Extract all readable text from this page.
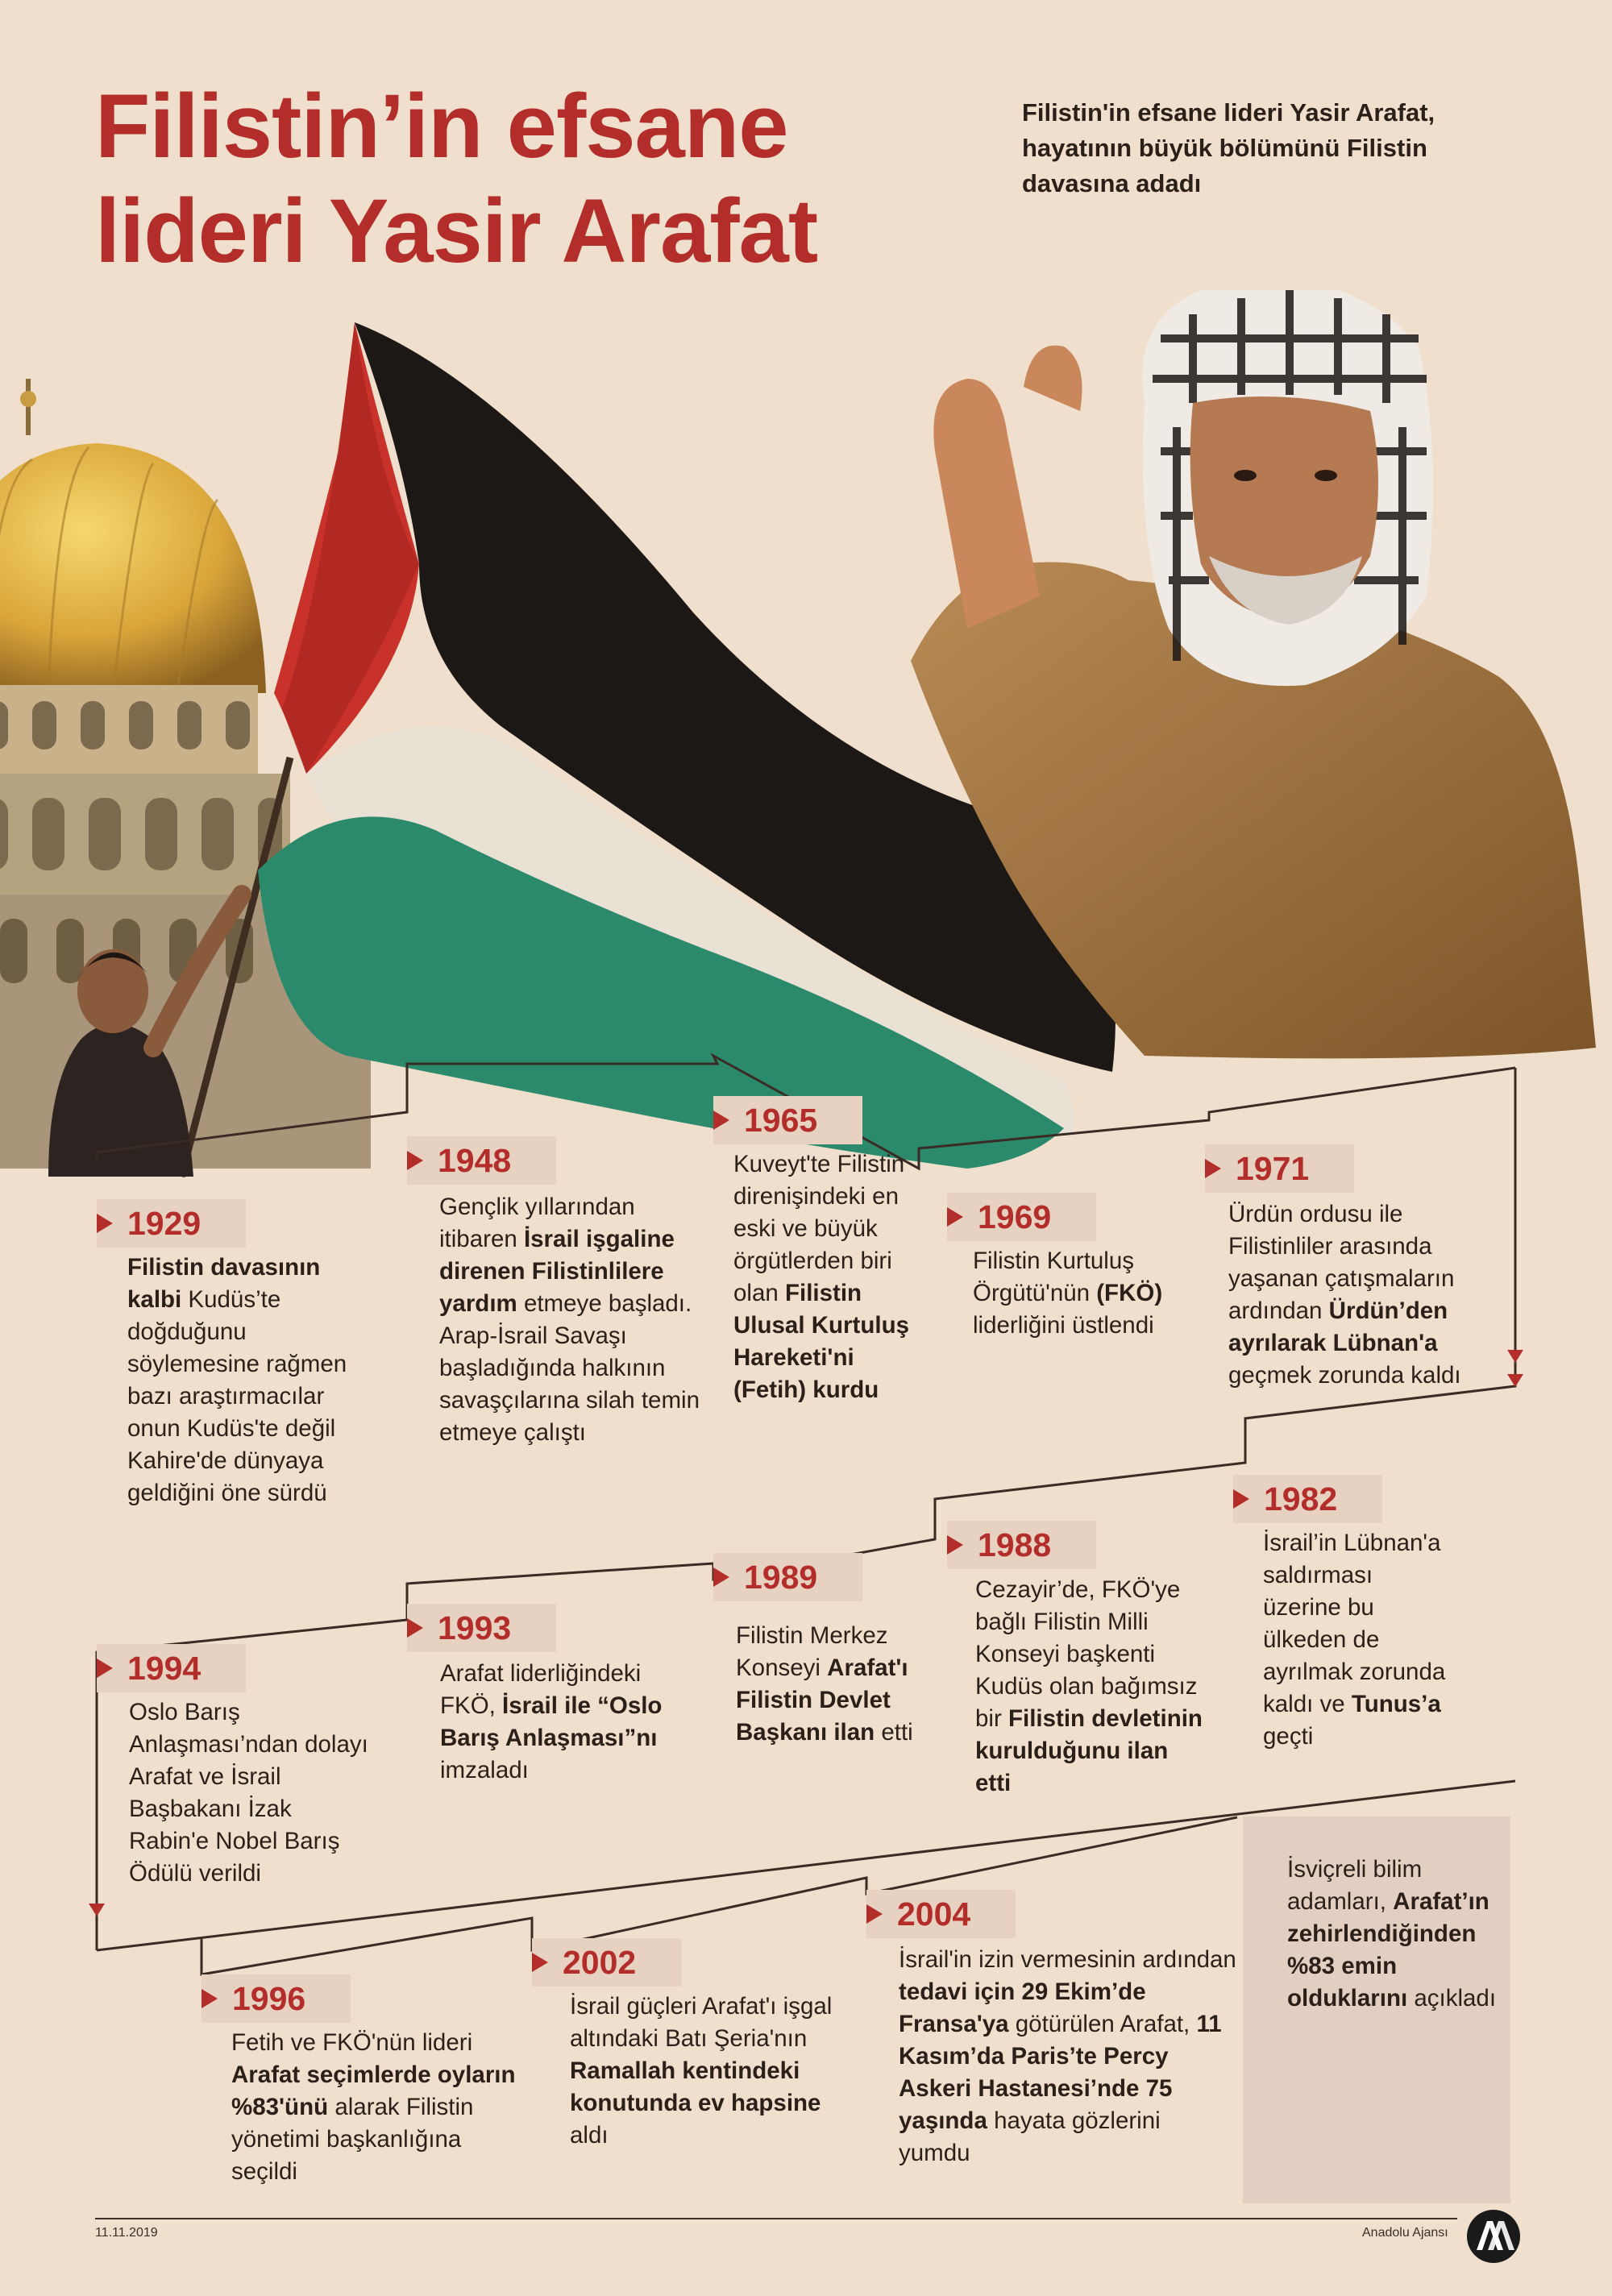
Filistin’in efsane
lideri Yasir Arafat
Filistin'in efsane lideri Yasir Arafat, hayatının büyük bölümünü Filistin davasına adadı
1929
1948
1965
1969
1971
1982
1988
1989
1993
1994
1996
2002
2004
Filistin davasının kalbi Kudüs’te doğduğunu söylemesine rağmen bazı araştırmacılar onun Kudüs'te değil Kahire'de dünyaya geldiğini öne sürdü
Gençlik yıllarından itibaren İsrail işgaline direnen Filistinlilere yardım etmeye başladı. Arap-İsrail Savaşı başladığında halkının savaşçılarına silah temin etmeye çalıştı
Kuveyt'te Filistin direnişindeki en eski ve büyük örgütlerden biri olan Filistin Ulusal Kurtuluş Hareketi'ni (Fetih) kurdu
Filistin Kurtuluş Örgütü'nün (FKÖ) liderliğini üstlendi
Ürdün ordusu ile Filistinliler arasında yaşanan çatışmaların ardından Ürdün’den ayrılarak Lübnan'a geçmek zorunda kaldı
İsrail’in Lübnan'a saldırması üzerine bu ülkeden de ayrılmak zorunda kaldı ve Tunus’a geçti
Cezayir’de, FKÖ'ye bağlı Filistin Milli Konseyi başkenti Kudüs olan bağımsız bir Filistin devletinin kurulduğunu ilan etti
Filistin Merkez Konseyi Arafat'ı Filistin Devlet Başkanı ilan etti
Arafat liderliğindeki FKÖ, İsrail ile “Oslo Barış Anlaşması”nı imzaladı
Oslo Barış Anlaşması’ndan dolayı Arafat ve İsrail Başbakanı İzak Rabin'e Nobel Barış Ödülü verildi
Fetih ve FKÖ'nün lideri Arafat seçimlerde oyların %83'ünü alarak Filistin yönetimi başkanlığına seçildi
İsrail güçleri Arafat'ı işgal altındaki Batı Şeria'nın Ramallah kentindeki konutunda ev hapsine aldı
İsrail'in izin vermesinin ardından tedavi için 29 Ekim’de Fransa'ya götürülen Arafat, 11 Kasım’da Paris’te Percy Askeri Hastanesi’nde 75 yaşında hayata gözlerini yumdu
İsviçreli bilim adamları, Arafat’ın zehirlendiğinden %83 emin olduklarını açıkladı
11.11.2019	Anadolu Ajansı
